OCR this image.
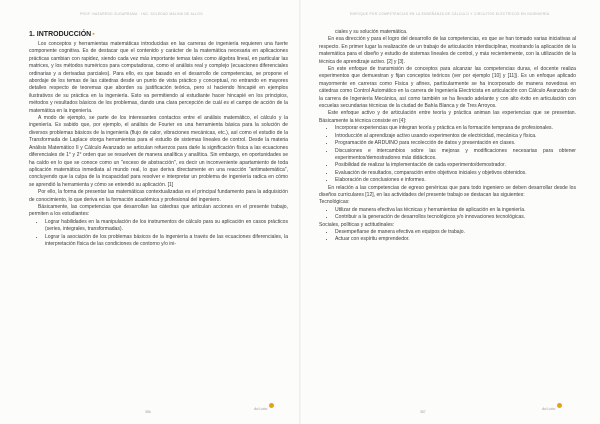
PROF. NAZARENO ZUGARRAMA · ING. SOLEDAD MALINA DE ALLOG
1. INTRODUCCIÓN▪

Los conceptos y herramientas matemáticas introducidas en las carreras de ingeniería requieren una fuerte componente cognitiva. Es de destacar que el contenido y carácter de la matemática necesaria en aplicaciones prácticas cambian con rapidez, siendo cada vez más importante temas tales como álgebra lineal, en particular las matrices, y los métodos numéricos para computadoras, como el análisis real y complejo (ecuaciones diferenciales ordinarias y a derivadas parciales). Para ello, es que basado en el desarrollo de competencias, se propone el abordaje de los temas de las cátedras desde un punto de vista práctico y conceptual, no entrando en mayores detalles respecto de teoremas que aborden su justificación teórica, pero sí haciendo hincapié en ejemplos ilustrativos de su práctica en la ingeniería. Esto va permitiendo al estudiante hacer hincapié en los principios, métodos y resultados básicos de los problemas, dando una clara percepción de cuál es el campo de acción de la matemática en la ingeniería.

A modo de ejemplo, se parte de los interesantes contactos entre el análisis matemático, el cálculo y la ingeniería. Es sabido que, por ejemplo, el análisis de Fourier es una herramienta básica para la solución de diversos problemas básicos de la ingeniería (flujo de calor, vibraciones mecánicas, etc.), así como el estudio de la Transformada de Laplace otorga herramientas para el estudio de sistemas lineales de control. Desde la materia Análisis Matemático II y Cálculo Avanzado se articulan refuerzos para darle la significación física a las ecuaciones diferenciales de 1° y 2° orden que se resuelven de manera analítica y analítica. Sin embargo, en oportunidades se ha caído en lo que se conoce como un "exceso de abstracción", es decir un inconveniente apartamiento de toda aplicación matemática inmediata al mundo real, lo que deriva directamente en una reacción "antimatemática", concluyendo que la culpa de la incapacidad para resolver e interpretar un problema de ingeniería radica en cómo se aprendió la herramienta y cómo se entendió su aplicación. [1]

Por ello, la forma de presentar las matemáticas contextualizadas es el principal fundamento para la adquisición de conocimiento, lo que deriva en la formación académica y profesional del ingeniero.

Básicamente, las competencias que desarrollan las cátedras que articulan acciones en el presente trabajo, permiten a los estudiantes:

• Lograr habilidades en la manipulación de los instrumentos de cálculo para su aplicación en casos prácticos (series, integrales, transformadas).
• Lograr la asociación de los problemas básicos de la ingeniería a través de las ecuaciones diferenciales, la interpretación física de las condiciones de contorno y/o ini-
356
Ad Lobo
ENFOQUE POR COMPETENCIAS EN LA ENSEÑANZA DE CÁLCULO Y CIRCUITOS ELÉCTRICOS EN INGENIERÍA
ciales y su solución matemática.

En esa dirección y para el logro del desarrollo de las competencias, es que se han tomado varias iniciativas al respecto. En primer lugar la realización de un trabajo de articulación interdisciplinar, mostrando la aplicación de la matemática para el diseño y estudio de sistemas lineales de control, y más recientemente, con la utilización de la técnica de aprendizaje activo. [2] y [3].

En este enfoque de transmisión de conceptos para alcanzar las competencias duras, el docente realiza experimentos que demuestran y fijan conceptos teóricos (ver por ejemplo [10] y [11]). Es un enfoque aplicado mayormente en carreras como Física y afines, particularmente se ha incorporado de manera novedosa en cátedras como Control Automático en la carrera de Ingeniería Electricista en articulación con Cálculo Avanzado de la carrera de Ingeniería Mecánica, así como también se ha llevado adelante y con alto éxito en articulación con escuelas secundarias técnicas de la ciudad de Bahía Blanca y de Tres Arroyos.

Este enfoque activo y de articulación entre teoría y práctica animan las experiencias que se presentan. Básicamente la técnica consiste en [4]:

• Incorporar experiencias que integran teoría y práctica en la formación temprana de profesionales.
• Introducción al aprendizaje activo usando experimentos de electricidad, mecánica y física.
• Programación de ARDUINO para recolección de datos y presentación en clases.
• Discusiones e intercambios sobre las mejoras y modificaciones necesarias para obtener experimentos/demostradores más didácticos.
• Posibilidad de realizar la implementación de cada experimento/demostrador.
• Evaluación de resultados, comparación entre objetivos iniciales y objetivos obtenidos.
• Elaboración de conclusiones e informes.

En relación a las competencias de egreso genéricas que para todo ingeniero se deben desarrollar desde los diseños curriculares [12], en las actividades del presente trabajo se destacan las siguientes:

Tecnológicas:

• Utilizar de manera efectiva las técnicas y herramientas de aplicación en la ingeniería.
• Contribuir a la generación de desarrollos tecnológicos y/o innovaciones tecnológicas.

Sociales, políticas y actitudinales:

• Desempeñarse de manera efectiva en equipos de trabajo.
• Actuar con espíritu emprendedor.
357
Ad Lobo
